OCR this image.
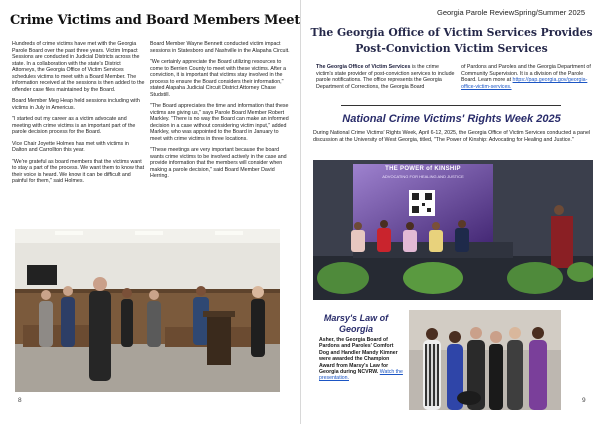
Crime Victims and Board Members Meet

Hundreds of crime victims have met with the Georgia Parole Board over the past three years. Victim Impact Sessions are conducted in Judicial Districts across the state. In a collaboration with the state's District Attorneys, the Georgia Office of Victim Services schedules victims to meet with a Board Member. The information received at the sessions is then added to the offender case files maintained by the Board.

Board Member Meg Heap held sessions including with victims in July in Americus.

"I started out my career as a victim advocate and meeting with crime victims is an important part of the parole decision process for the Board.

Vice Chair Joyette Holmes has met with victims in Dalton and Carrollton this year.

"We're grateful as board members that the victims want to stay a part of the process. We want them to know that their voice is heard. We know it can be difficult and painful for them," said Holmes.

Board Member Wayne Bennett conducted victim impact sessions in Statesboro and Nashville in the Alapaha Circuit.

"We certainly appreciate the Board utilizing resources to come to Berrien County to meet with these victims. After a conviction, it is important that victims stay involved in the process to ensure the Board considers their information," stated Alapaha Judicial Circuit District Attorney Chase Studstill.

"The Board appreciates the time and information that these victims are giving us," says Parole Board Member Robert Markley. "There is no way the Board can make an informed decision in a case without considering victim input," added Markley, who was appointed to the Board in January to meet with crime victims in three locations.

"These meetings are very important because the board wants crime victims to be involved actively in the case and provide information that the members will consider when making a parole decision," said Board Member David Herring.

8
Georgia Parole ReviewSpring/Summer 2025
The Georgia Office of Victim Services Provides Post-Conviction Victim Services
The Georgia Office of Victim Services is the crime victim's state provider of post-conviction services to include parole notifications. The office represents the Georgia Department of Corrections, the Georgia Board
of Pardons and Paroles and the Georgia Department of Community Supervision. It is a division of the Parole Board. Learn more at https://pap.georgia.gov/georgia-office-victim-services.
National Crime Victims' Rights Week 2025
During National Crime Victims' Rights Week, April 6-12, 2025, the Georgia Office of Victim Services conducted a panel discussion at the University of West Georgia, titled, "The Power of Kinship: Advocating for Healing and Justice."
THE POWER of KINSHIP
ADVOCATING FOR HEALING AND JUSTICE
Marsy's Law of Georgia
Asher, the Georgia Board of Pardons and Paroles' Comfort Dog and Handler Mandy Kimner were awarded the Champion Award from Marsy's Law for Georgia during NCVRW. Watch the presentation.
9
